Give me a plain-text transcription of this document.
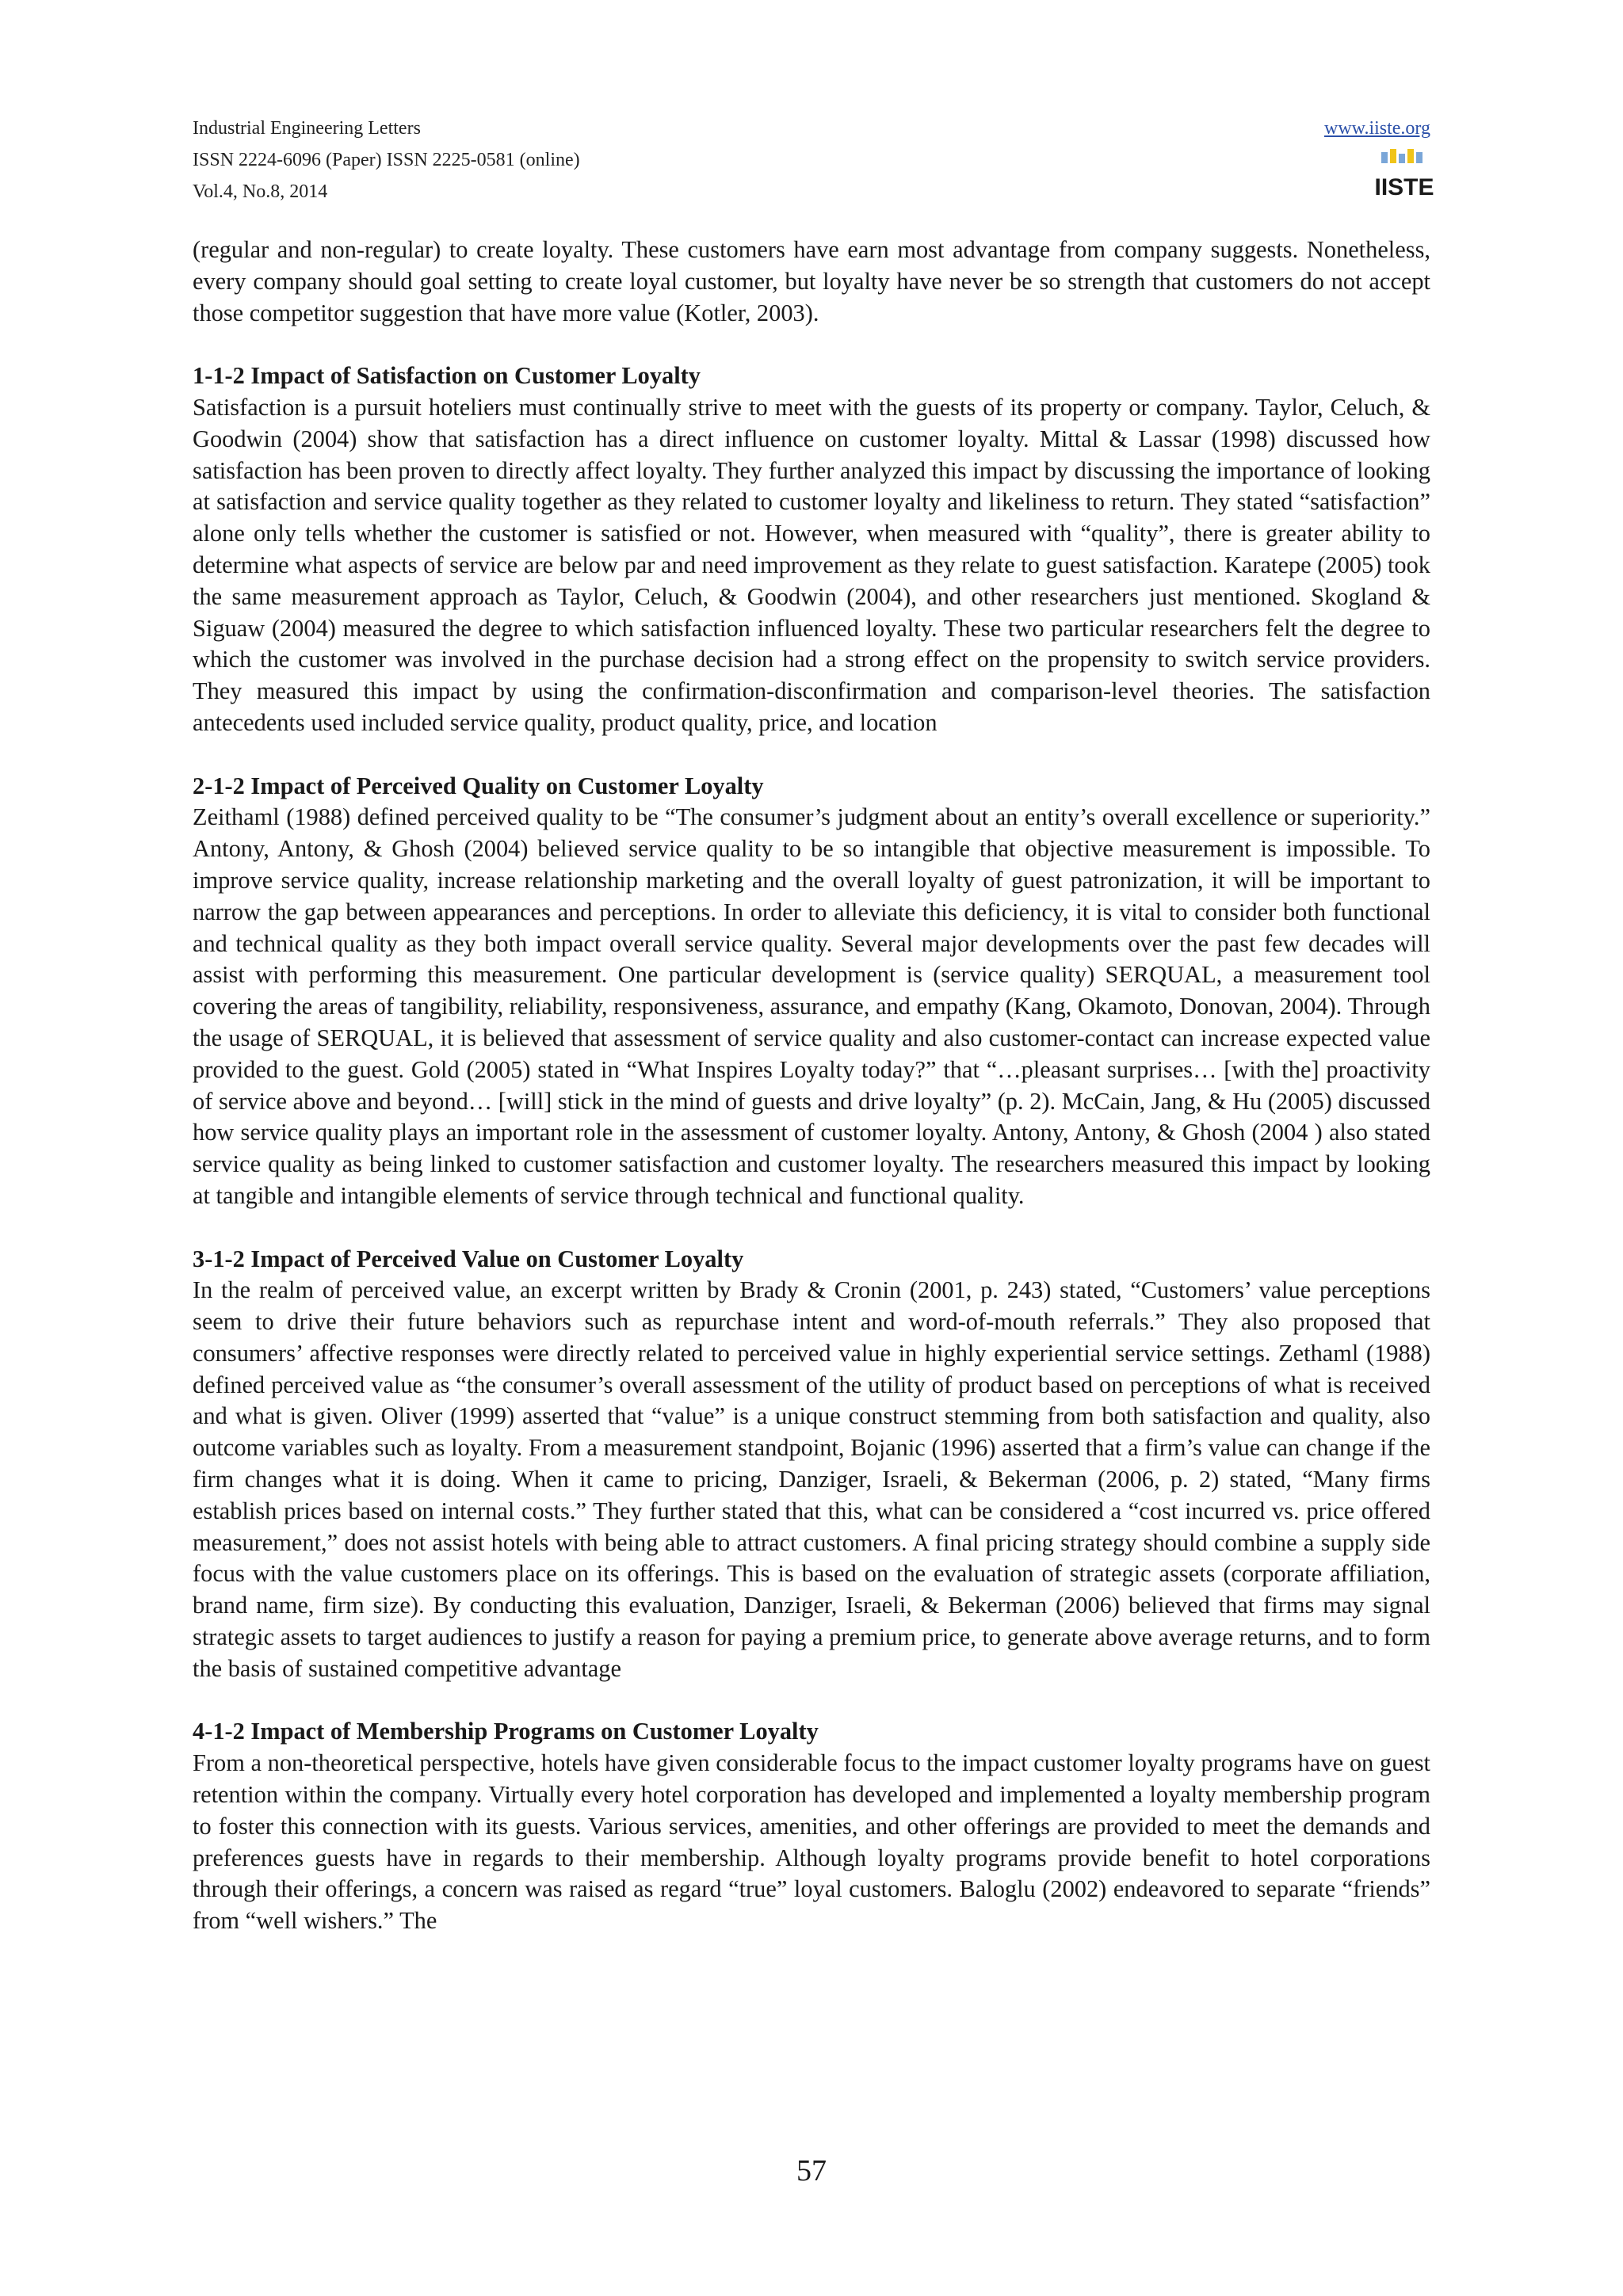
Industrial Engineering Letters
ISSN 2224-6096 (Paper) ISSN 2225-0581 (online)
Vol.4, No.8, 2014
www.iiste.org
IISTE

(regular and non-regular) to create loyalty. These customers have earn most advantage from company suggests. Nonetheless, every company should goal setting to create loyal customer, but loyalty have never be so strength that customers do not accept those competitor suggestion that have more value (Kotler, 2003).

1-1-2 Impact of Satisfaction on Customer Loyalty

Satisfaction is a pursuit hoteliers must continually strive to meet with the guests of its property or company. Taylor, Celuch, & Goodwin (2004) show that satisfaction has a direct influence on customer loyalty. Mittal & Lassar (1998) discussed how satisfaction has been proven to directly affect loyalty. They further analyzed this impact by discussing the importance of looking at satisfaction and service quality together as they related to customer loyalty and likeliness to return. They stated “satisfaction” alone only tells whether the customer is satisfied or not. However, when measured with “quality”, there is greater ability to determine what aspects of service are below par and need improvement as they relate to guest satisfaction. Karatepe (2005) took the same measurement approach as Taylor, Celuch, & Goodwin (2004), and other researchers just mentioned. Skogland & Siguaw (2004) measured the degree to which satisfaction influenced loyalty. These two particular researchers felt the degree to which the customer was involved in the purchase decision had a strong effect on the propensity to switch service providers. They measured this impact by using the confirmation-disconfirmation and comparison-level theories. The satisfaction antecedents used included service quality, product quality, price, and location

2-1-2 Impact of Perceived Quality on Customer Loyalty

Zeithaml (1988) defined perceived quality to be “The consumer’s judgment about an entity’s overall excellence or superiority.” Antony, Antony, & Ghosh (2004) believed service quality to be so intangible that objective measurement is impossible. To improve service quality, increase relationship marketing and the overall loyalty of guest patronization, it will be important to narrow the gap between appearances and perceptions. In order to alleviate this deficiency, it is vital to consider both functional and technical quality as they both impact overall service quality. Several major developments over the past few decades will assist with performing this measurement. One particular development is (service quality) SERQUAL, a measurement tool covering the areas of tangibility, reliability, responsiveness, assurance, and empathy (Kang, Okamoto, Donovan, 2004). Through the usage of SERQUAL, it is believed that assessment of service quality and also customer-contact can increase expected value provided to the guest. Gold (2005) stated in “What Inspires Loyalty today?” that “…pleasant surprises… [with the] proactivity of service above and beyond… [will] stick in the mind of guests and drive loyalty” (p. 2). McCain, Jang, & Hu (2005) discussed how service quality plays an important role in the assessment of customer loyalty. Antony, Antony, & Ghosh (2004 ) also stated service quality as being linked to customer satisfaction and customer loyalty. The researchers measured this impact by looking at tangible and intangible elements of service through technical and functional quality.

3-1-2 Impact of Perceived Value on Customer Loyalty

In the realm of perceived value, an excerpt written by Brady & Cronin (2001, p. 243) stated, “Customers’ value perceptions seem to drive their future behaviors such as repurchase intent and word-of-mouth referrals.” They also proposed that consumers’ affective responses were directly related to perceived value in highly experiential service settings. Zethaml (1988) defined perceived value as “the consumer’s overall assessment of the utility of product based on perceptions of what is received and what is given. Oliver (1999) asserted that “value” is a unique construct stemming from both satisfaction and quality, also outcome variables such as loyalty. From a measurement standpoint, Bojanic (1996) asserted that a firm’s value can change if the firm changes what it is doing. When it came to pricing, Danziger, Israeli, & Bekerman (2006, p. 2) stated, “Many firms establish prices based on internal costs.” They further stated that this, what can be considered a “cost incurred vs. price offered measurement,” does not assist hotels with being able to attract customers. A final pricing strategy should combine a supply side focus with the value customers place on its offerings. This is based on the evaluation of strategic assets (corporate affiliation, brand name, firm size). By conducting this evaluation, Danziger, Israeli, & Bekerman (2006) believed that firms may signal strategic assets to target audiences to justify a reason for paying a premium price, to generate above average returns, and to form the basis of sustained competitive advantage

4-1-2 Impact of Membership Programs on Customer Loyalty

From a non-theoretical perspective, hotels have given considerable focus to the impact customer loyalty programs have on guest retention within the company. Virtually every hotel corporation has developed and implemented a loyalty membership program to foster this connection with its guests. Various services, amenities, and other offerings are provided to meet the demands and preferences guests have in regards to their membership. Although loyalty programs provide benefit to hotel corporations through their offerings, a concern was raised as regard “true” loyal customers. Baloglu (2002) endeavored to separate “friends” from “well wishers.” The

57
